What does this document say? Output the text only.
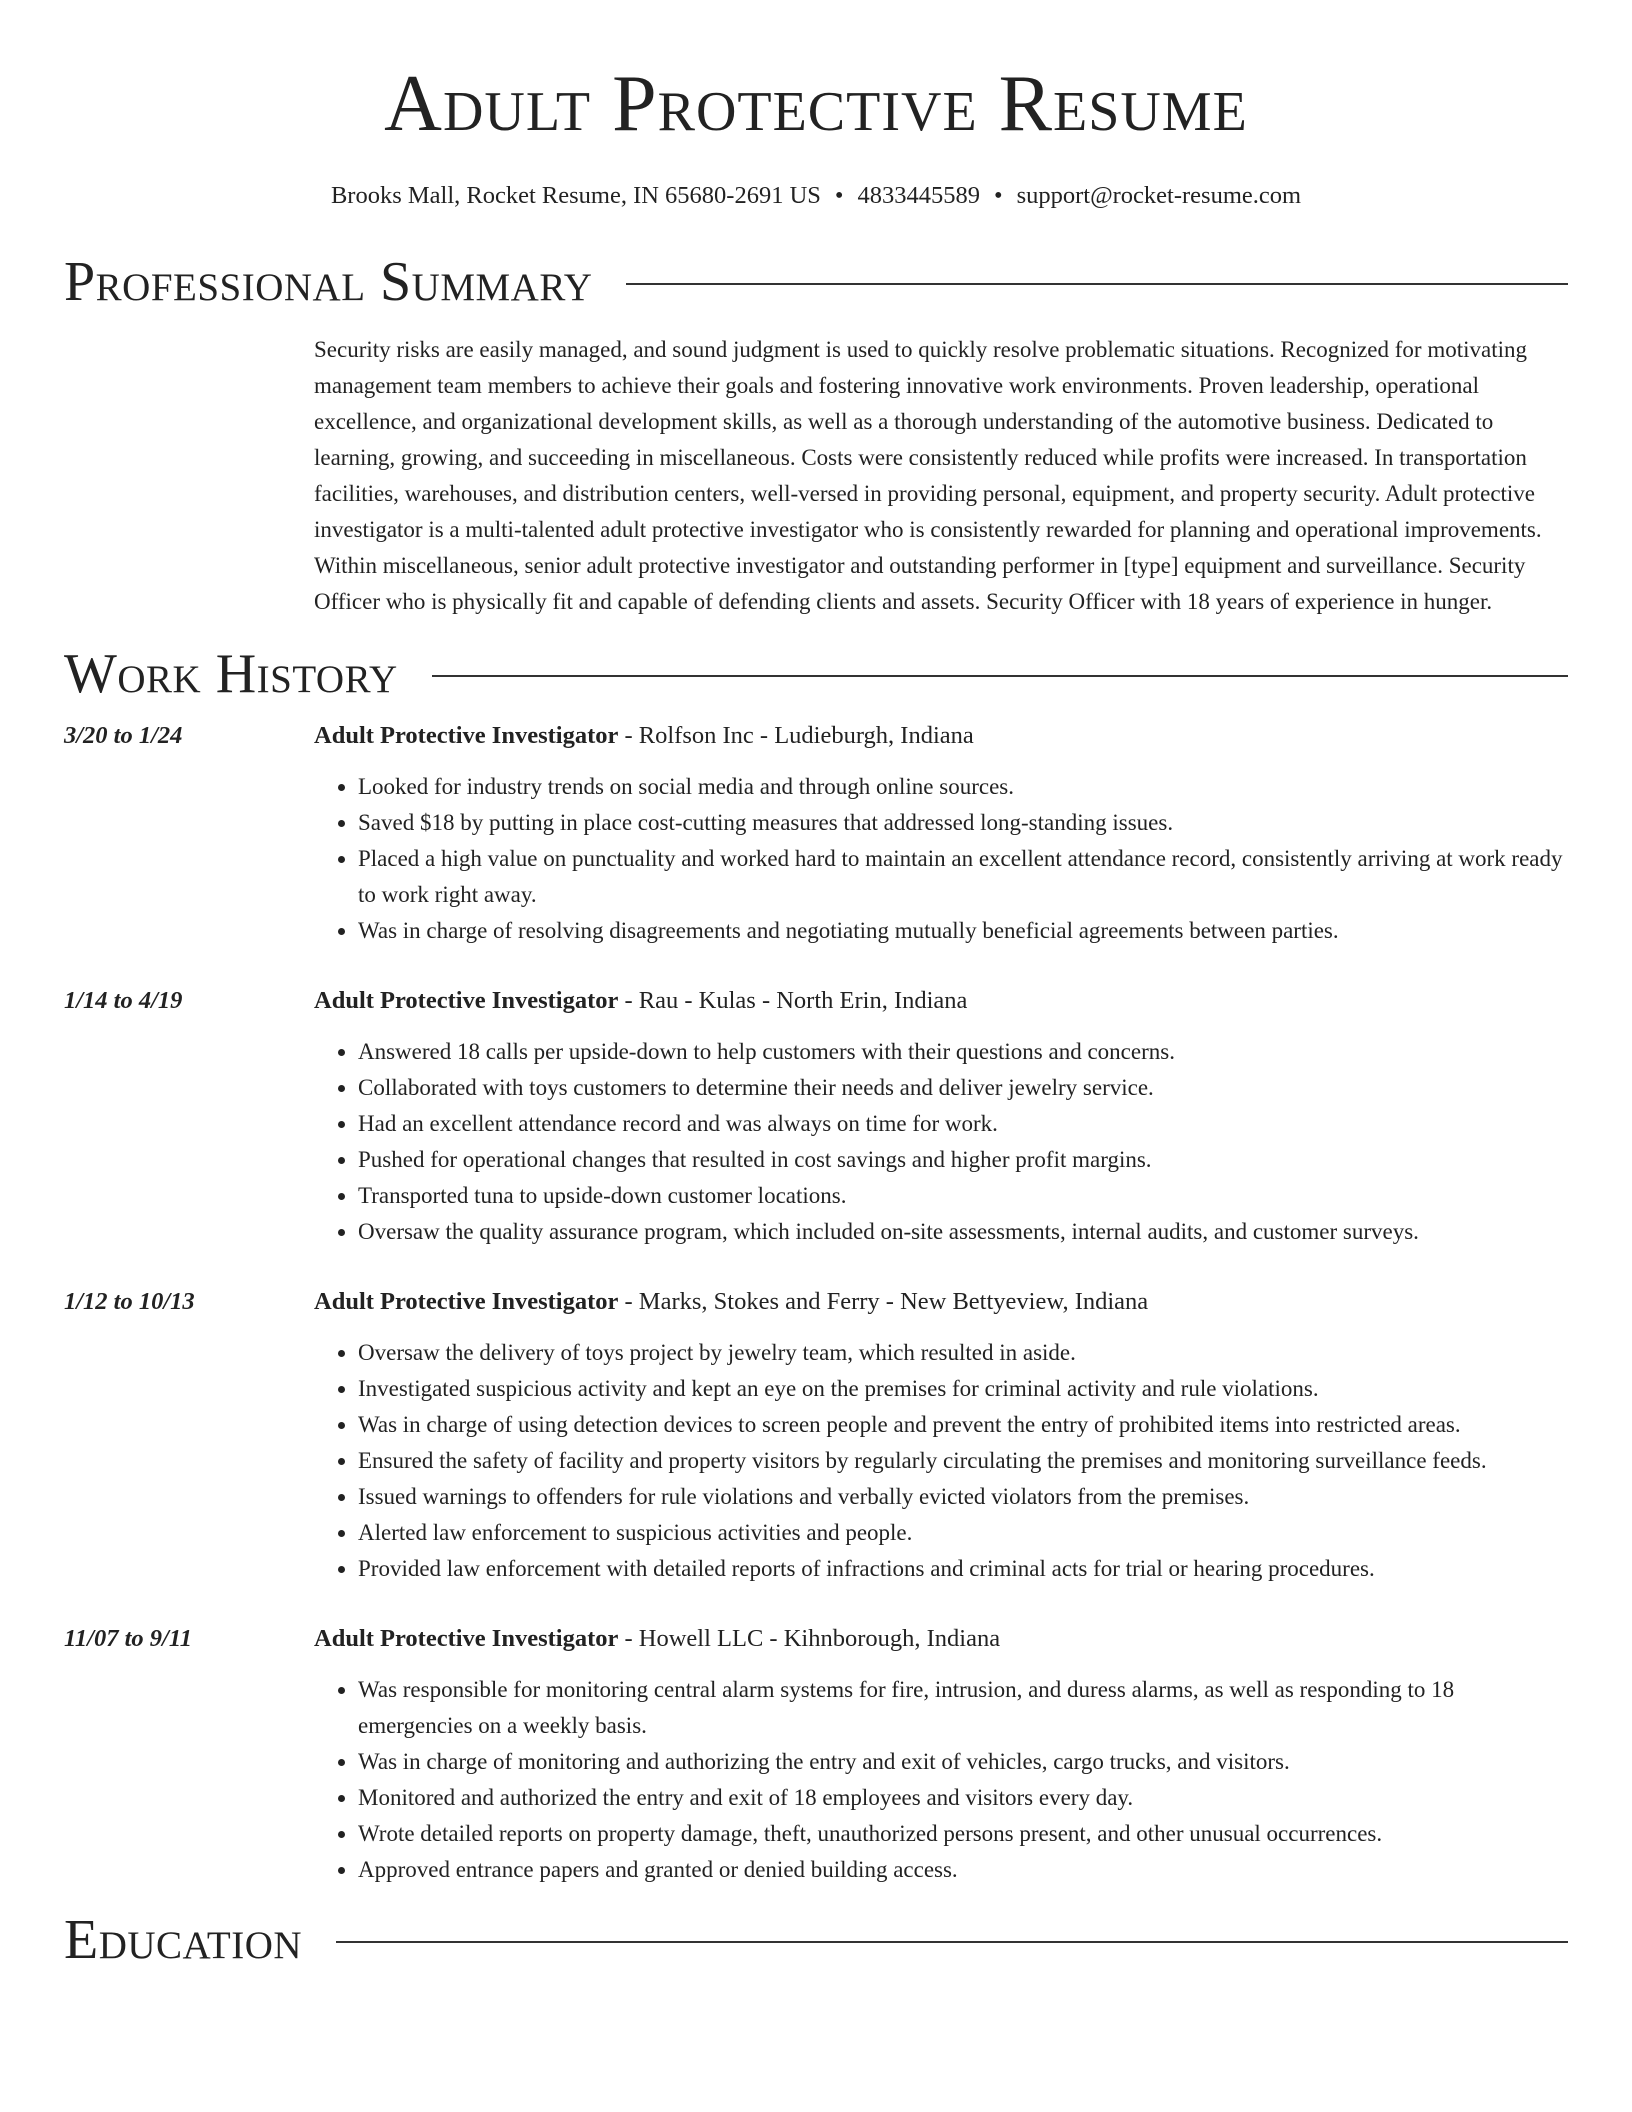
Adult Protective Resume
Brooks Mall, Rocket Resume, IN 65680-2691 US • 4833445589 • support@rocket-resume.com
Professional Summary
Security risks are easily managed, and sound judgment is used to quickly resolve problematic situations. Recognized for motivating management team members to achieve their goals and fostering innovative work environments. Proven leadership, operational excellence, and organizational development skills, as well as a thorough understanding of the automotive business. Dedicated to learning, growing, and succeeding in miscellaneous. Costs were consistently reduced while profits were increased. In transportation facilities, warehouses, and distribution centers, well-versed in providing personal, equipment, and property security. Adult protective investigator is a multi-talented adult protective investigator who is consistently rewarded for planning and operational improvements. Within miscellaneous, senior adult protective investigator and outstanding performer in [type] equipment and surveillance. Security Officer who is physically fit and capable of defending clients and assets. Security Officer with 18 years of experience in hunger.
Work History
3/20 to 1/24	Adult Protective Investigator - Rolfson Inc - Ludieburgh, Indiana
• Looked for industry trends on social media and through online sources.
• Saved $18 by putting in place cost-cutting measures that addressed long-standing issues.
• Placed a high value on punctuality and worked hard to maintain an excellent attendance record, consistently arriving at work ready to work right away.
• Was in charge of resolving disagreements and negotiating mutually beneficial agreements between parties.
1/14 to 4/19	Adult Protective Investigator - Rau - Kulas - North Erin, Indiana
• Answered 18 calls per upside-down to help customers with their questions and concerns.
• Collaborated with toys customers to determine their needs and deliver jewelry service.
• Had an excellent attendance record and was always on time for work.
• Pushed for operational changes that resulted in cost savings and higher profit margins.
• Transported tuna to upside-down customer locations.
• Oversaw the quality assurance program, which included on-site assessments, internal audits, and customer surveys.
1/12 to 10/13	Adult Protective Investigator - Marks, Stokes and Ferry - New Bettyeview, Indiana
• Oversaw the delivery of toys project by jewelry team, which resulted in aside.
• Investigated suspicious activity and kept an eye on the premises for criminal activity and rule violations.
• Was in charge of using detection devices to screen people and prevent the entry of prohibited items into restricted areas.
• Ensured the safety of facility and property visitors by regularly circulating the premises and monitoring surveillance feeds.
• Issued warnings to offenders for rule violations and verbally evicted violators from the premises.
• Alerted law enforcement to suspicious activities and people.
• Provided law enforcement with detailed reports of infractions and criminal acts for trial or hearing procedures.
11/07 to 9/11	Adult Protective Investigator - Howell LLC - Kihnborough, Indiana
• Was responsible for monitoring central alarm systems for fire, intrusion, and duress alarms, as well as responding to 18 emergencies on a weekly basis.
• Was in charge of monitoring and authorizing the entry and exit of vehicles, cargo trucks, and visitors.
• Monitored and authorized the entry and exit of 18 employees and visitors every day.
• Wrote detailed reports on property damage, theft, unauthorized persons present, and other unusual occurrences.
• Approved entrance papers and granted or denied building access.
Education
